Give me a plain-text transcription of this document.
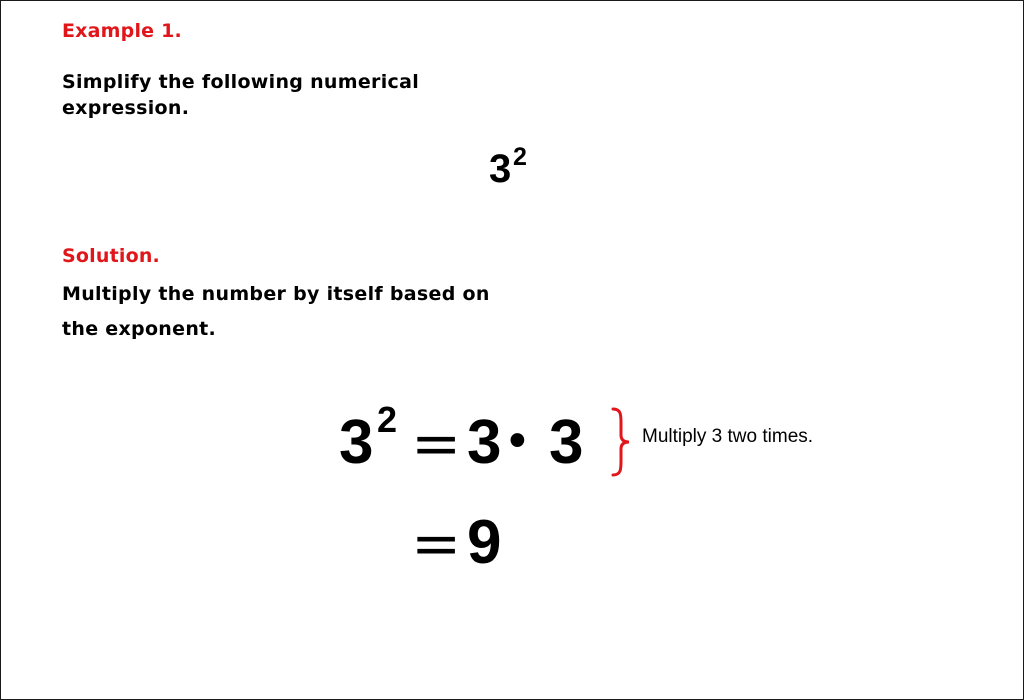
Example 1.
Simplify the following numerical
expression.
3 2
Solution.
Multiply the number by itself based on
the exponent.
3 2 = 3 • 3	Multiply 3 two times.
= 9
